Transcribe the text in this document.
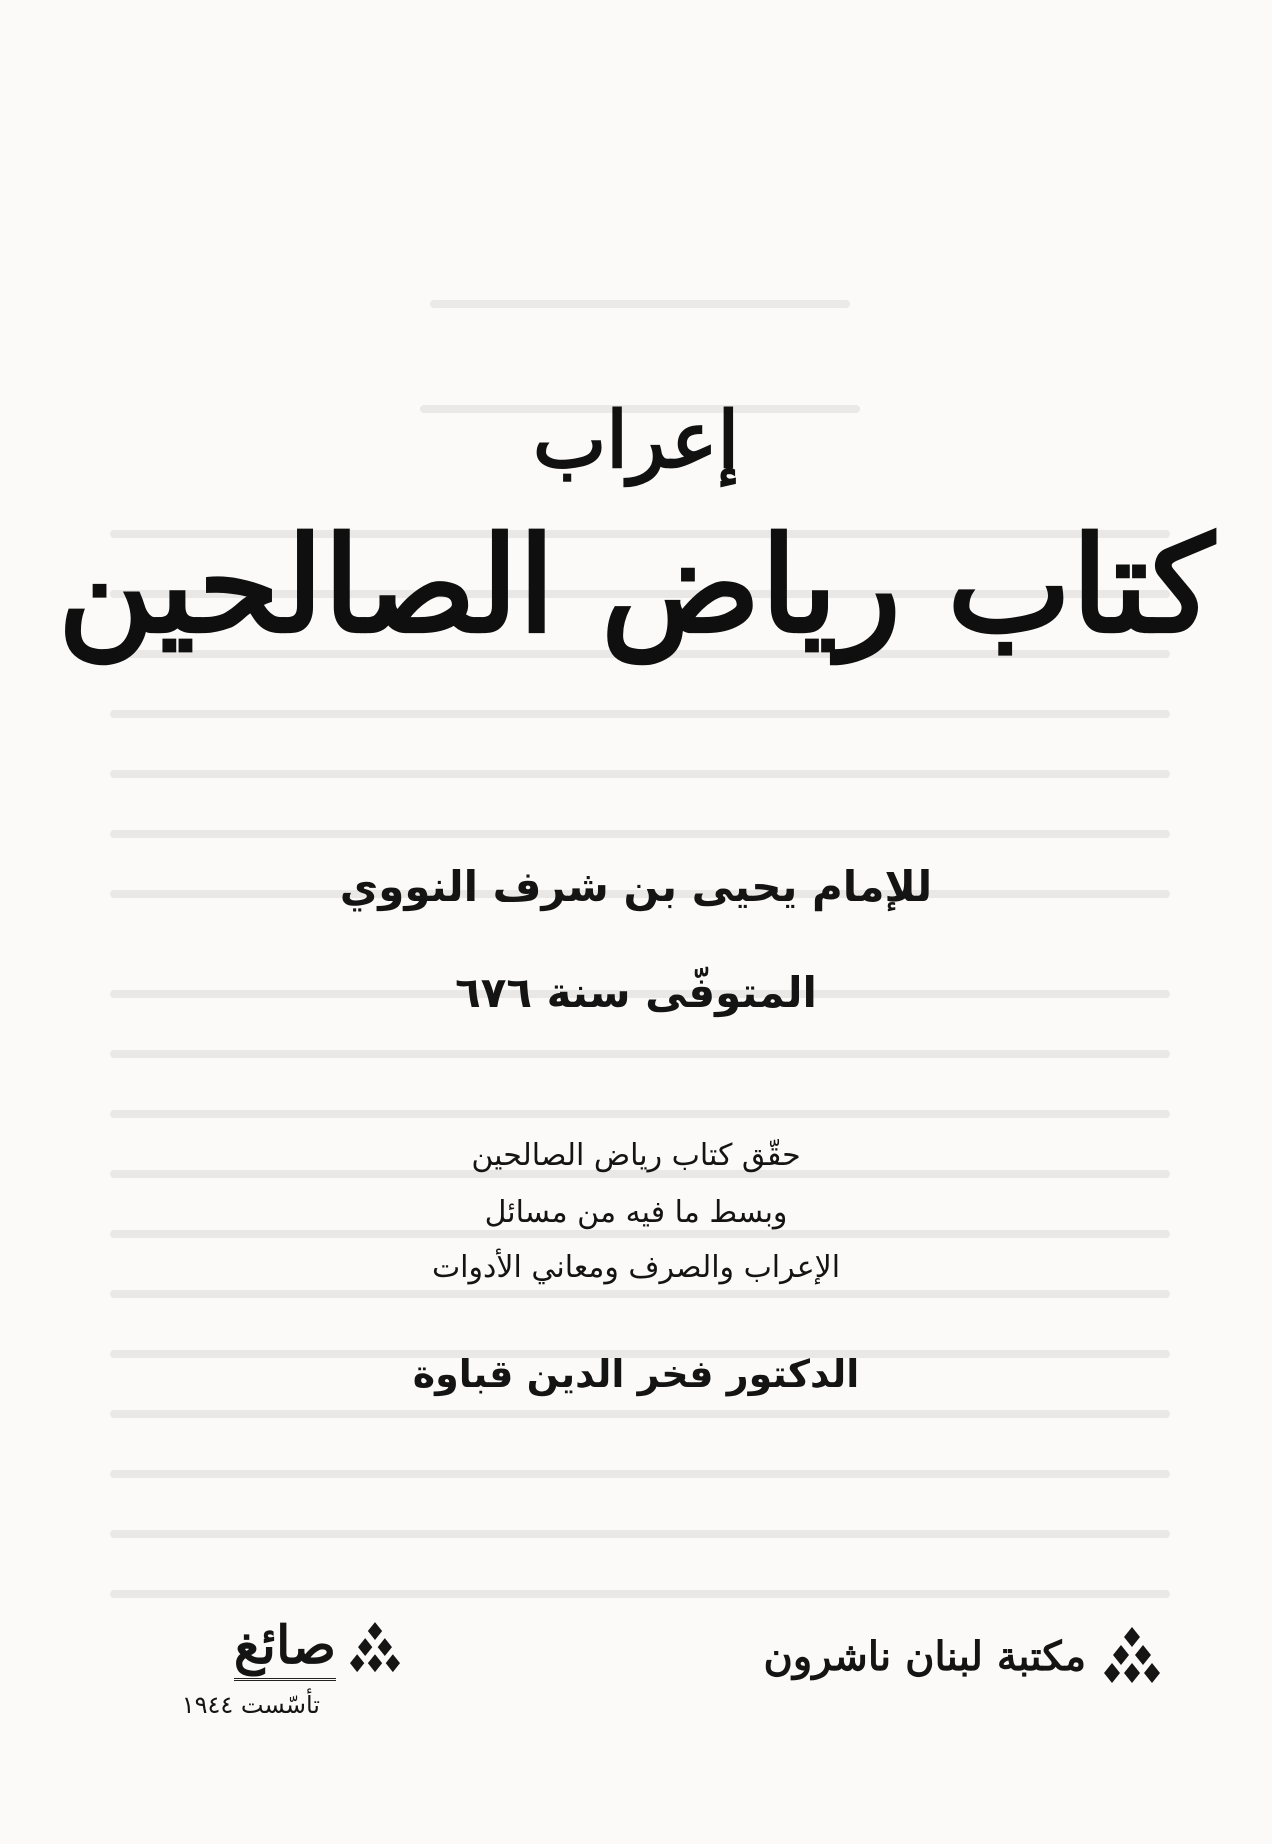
إعراب
كتاب رياض الصالحين
للإمام يحيى بن شرف النووي
المتوفّى سنة ٦٧٦
حقّق كتاب رياض الصالحين
وبسط ما فيه من مسائل
الإعراب والصرف ومعاني الأدوات
الدكتور فخر الدين قباوة
مكتبة لبنان ناشرون
صائغ
تأسّست ١٩٤٤
